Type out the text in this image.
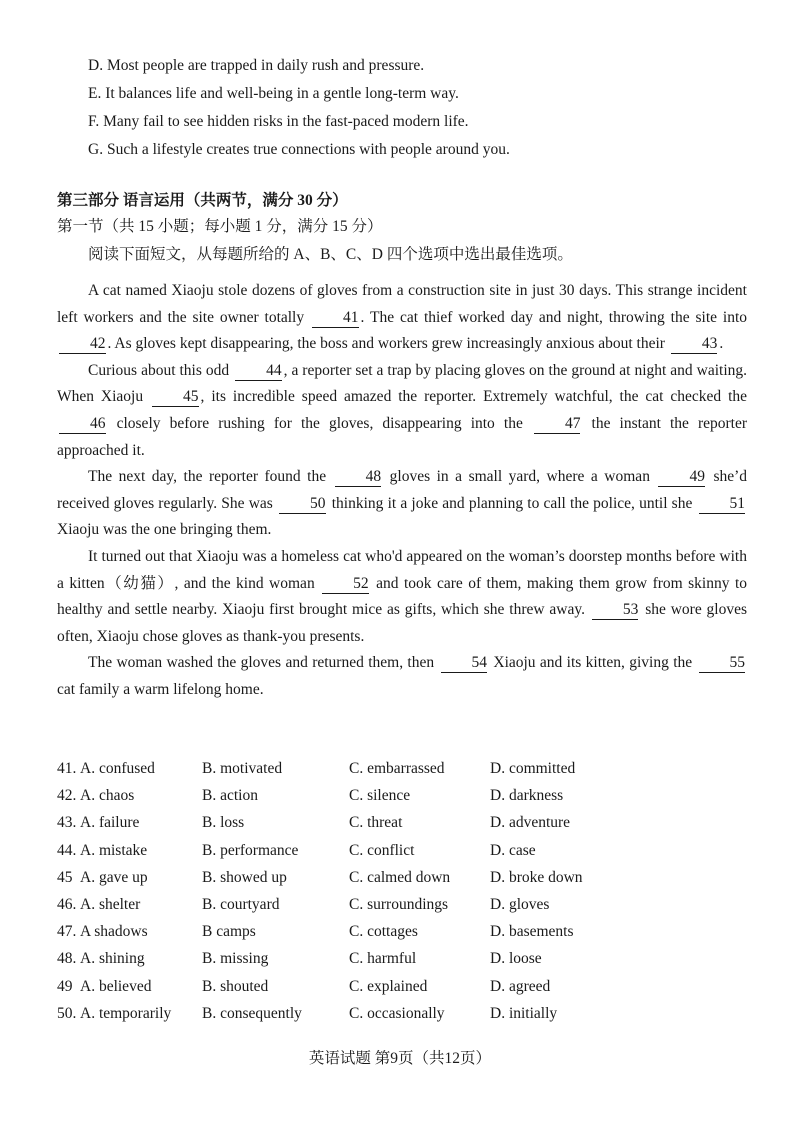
D. Most people are trapped in daily rush and pressure.
E. It balances life and well-being in a gentle long-term way.
F. Many fail to see hidden risks in the fast-paced modern life.
G. Such a lifestyle creates true connections with people around you.
第三部分 语言运用（共两节，满分 30 分）
第一节（共 15 小题；每小题 1 分，满分 15 分）
阅读下面短文，从每题所给的 A、B、C、D 四个选项中选出最佳选项。

A cat named Xiaoju stole dozens of gloves from a construction site in just 30 days. This strange incident left workers and the site owner totally	41 . The cat thief worked day and night, throwing the site into 42 . As gloves kept disappearing, the boss and workers grew increasingly anxious about their 43 .

Curious about this odd 44 , a reporter set a trap by placing gloves on the ground at night and waiting. When Xiaoju	45 , its incredible speed amazed the reporter. Extremely watchful, the cat checked the 46 closely before rushing for the gloves, disappearing into the	47 the instant the reporter approached it.

The next day, the reporter found the	48 gloves in a small yard, where a woman	49 she’d received gloves regularly. She was 50 thinking it a joke and planning to call the police, until she 51 Xiaoju was the one bringing them.

It turned out that Xiaoju was a homeless cat who'd appeared on the woman’s doorstep months before with a kitten（幼猫）, and the kind woman 52 and took care of them, making them grow from skinny to healthy and settle nearby. Xiaoju first brought mice as gifts, which she threw away. 53 she wore gloves often, Xiaoju chose gloves as thank-you presents.

The woman washed the gloves and returned them, then 54 Xiaoju and its kitten, giving the 55 cat family a warm lifelong home.

41. A. confused	B. motivated	C. embarrassed	D. committed
42. A. chaos	B. action	C. silence	D. darkness
43. A. failure	B. loss	C. threat	D. adventure
44. A. mistake	B. performance	C. conflict	D. case
45 A. gave up	B. showed up	C. calmed down	D. broke down
46. A. shelter	B. courtyard	C. surroundings	D. gloves
47. A shadows	B camps	C. cottages	D. basements
48. A. shining	B. missing	C. harmful	D. loose
49 A. believed	B. shouted	C. explained	D. agreed
50. A. temporarily B. consequently	C. occasionally	D. initially
英语试题 第9页（共12页）
